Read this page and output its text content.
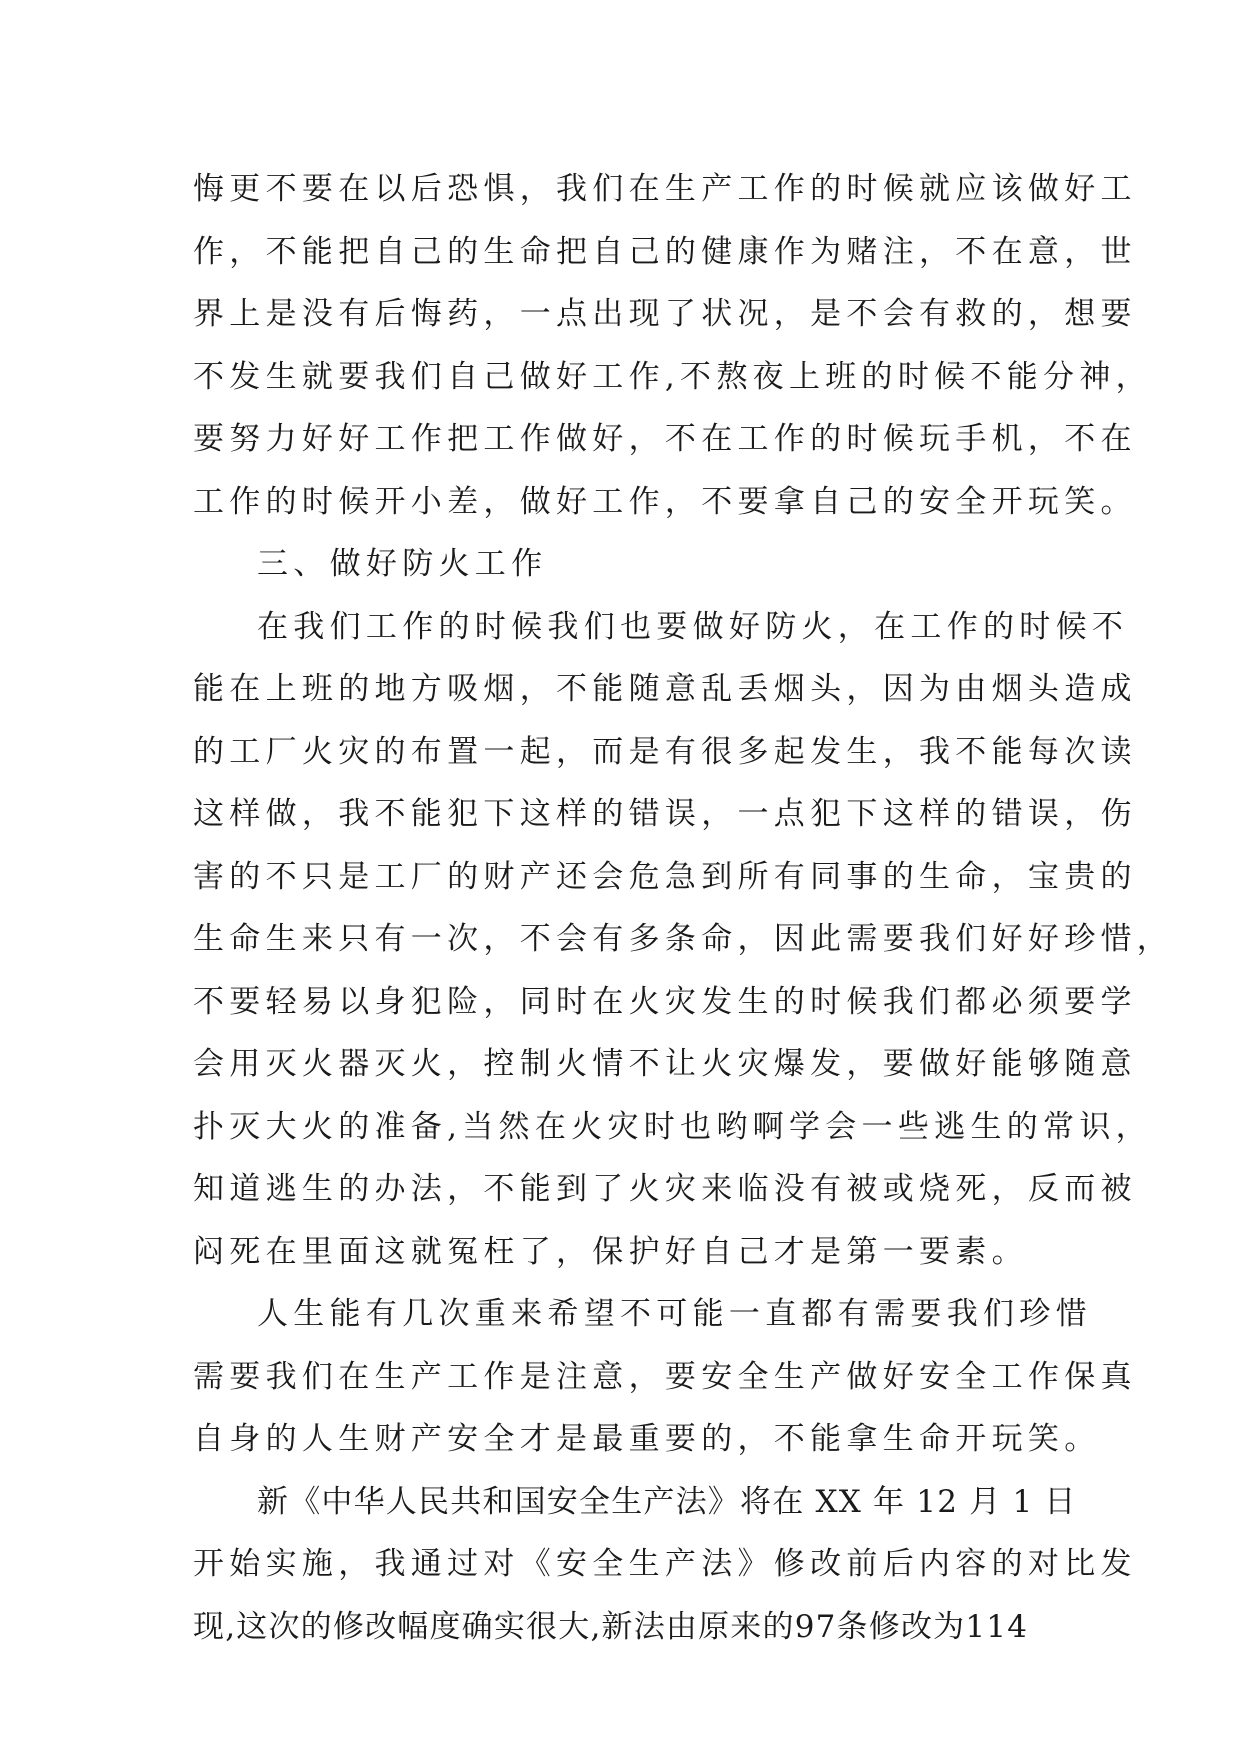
悔更不要在以后恐惧，我们在生产工作的时候就应该做好工
作，不能把自己的生命把自己的健康作为赌注，不在意，世
界上是没有后悔药，一点出现了状况，是不会有救的，想要
不发生就要我们自己做好工作,不熬夜上班的时候不能分神，
要努力好好工作把工作做好，不在工作的时候玩手机，不在
工作的时候开小差，做好工作，不要拿自己的安全开玩笑。
三、做好防火工作
在我们工作的时候我们也要做好防火，在工作的时候不
能在上班的地方吸烟，不能随意乱丢烟头，因为由烟头造成
的工厂火灾的布置一起，而是有很多起发生，我不能每次读
这样做，我不能犯下这样的错误，一点犯下这样的错误，伤
害的不只是工厂的财产还会危急到所有同事的生命，宝贵的
生命生来只有一次，不会有多条命，因此需要我们好好珍惜，
不要轻易以身犯险，同时在火灾发生的时候我们都必须要学
会用灭火器灭火，控制火情不让火灾爆发，要做好能够随意
扑灭大火的准备,当然在火灾时也哟啊学会一些逃生的常识，
知道逃生的办法，不能到了火灾来临没有被或烧死，反而被
闷死在里面这就冤枉了，保护好自己才是第一要素。
人生能有几次重来希望不可能一直都有需要我们珍惜
需要我们在生产工作是注意，要安全生产做好安全工作保真
自身的人生财产安全才是最重要的，不能拿生命开玩笑。
新《中华人民共和国安全生产法》将在 XX 年 12 月 1 日
开始实施，我通过对《安全生产法》修改前后内容的对比发
现,这次的修改幅度确实很大,新法由原来的97条修改为114
